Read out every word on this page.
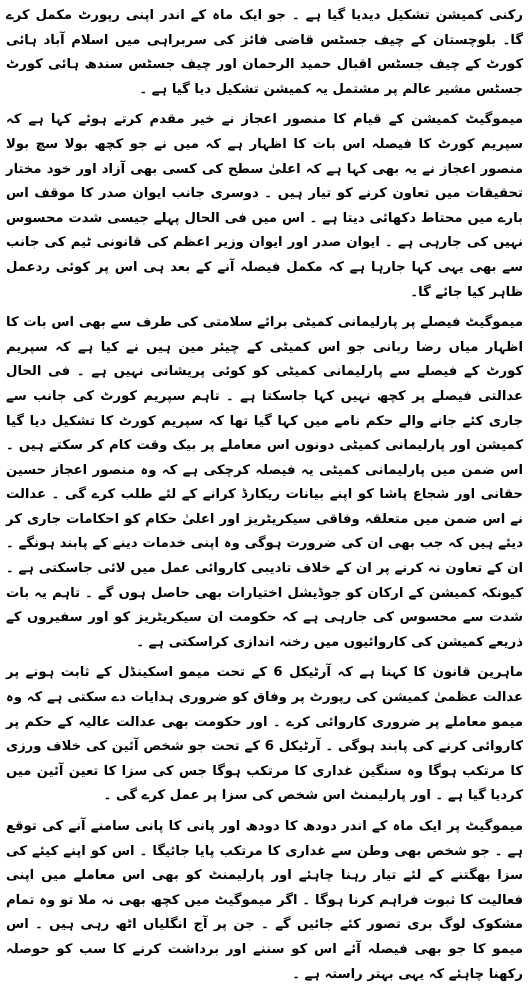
رکنی کمیشن تشکیل دیدیا گیا ہے ۔ جو ایک ماہ کے اندر اپنی رپورٹ مکمل کرے گا۔ بلوچستان کے چیف جسٹس قاضی فائز کی سربراہی میں اسلام آباد ہائی کورٹ کے چیف جسٹس اقبال حمید الرحمان اور چیف جسٹس سندھ ہائی کورٹ جسٹس مشیر عالم پر مشتمل یہ کمیشن تشکیل دیا گیا ہے ۔

میموگیٹ کمیشن کے قیام کا منصور اعجاز نے خیر مقدم کرتے ہوئے کہا ہے کہ سپریم کورٹ کا فیصلہ اس بات کا اظہار ہے کہ میں نے جو کچھ بولا سچ بولا منصور اعجاز نے یہ بھی کہا ہے کہ اعلیٰ سطح کی کسی بھی آزاد اور خود مختار تحقیقات میں تعاون کرنے کو تیار ہیں ۔ دوسری جانب ایوان صدر کا موقف اس بارے میں محتاط دکھائی دیتا ہے ۔ اس میں فی الحال پہلے جیسی شدت محسوس نہیں کی جارہی ہے ۔ ایوان صدر اور ایوان وزیر اعظم کی قانونی ٹیم کی جانب سے بھی یہی کہا جارہا ہے کہ مکمل فیصلہ آنے کے بعد ہی اس پر کوئی ردعمل ظاہر کیا جائے گا۔

میموگیٹ فیصلے پر پارلیمانی کمیٹی برائے سلامتی کی طرف سے بھی اس بات کا اظہار میاں رضا ربانی جو اس کمیٹی کے چیئر مین ہیں نے کیا ہے کہ سپریم کورٹ کے فیصلے سے پارلیمانی کمیٹی کو کوئی پریشانی نہیں ہے ۔ فی الحال عدالتی فیصلے پر کچھ نہیں کہا جاسکتا ہے ۔ تاہم سپریم کورٹ کی جانب سے جاری کئے جانے والے حکم نامے میں کہا گیا تھا کہ سپریم کورٹ کا تشکیل دیا گیا کمیشن اور پارلیمانی کمیٹی دونوں اس معاملے پر بیک وقت کام کر سکتے ہیں ۔ اس ضمن میں پارلیمانی کمیٹی یہ فیصلہ کرچکی ہے کہ وہ منصور اعجاز حسین حقانی اور شجاع پاشا کو اپنے بیانات ریکارڈ کرانے کے لئے طلب کرے گی ۔ عدالت نے اس ضمن میں متعلقہ وفاقی سیکریٹریز اور اعلیٰ حکام کو احکامات جاری کر دیئے ہیں کہ جب بھی ان کی ضرورت ہوگی وہ اپنی خدمات دینے کے پابند ہونگے ۔ ان کے تعاون نہ کرنے پر ان کے خلاف تادیبی کاروائی عمل میں لائی جاسکتی ہے ۔ کیونکہ کمیشن کے ارکان کو جوڈیشل اختیارات بھی حاصل ہوں گے ۔ تاہم یہ بات شدت سے محسوس کی جارہی ہے کہ حکومت ان سیکریٹریز کو اور سفیروں کے ذریعے کمیشن کی کاروائیوں میں رخنہ اندازی کراسکتی ہے ۔

ماہرین قانون کا کہنا ہے کہ آرٹیکل 6 کے تحت میمو اسکینڈل کے ثابت ہونے پر عدالت عظمیٰ کمیشن کی رپورٹ پر وفاق کو ضروری ہدایات دے سکتی ہے کہ وہ میمو معاملے پر ضروری کاروائی کرے ۔ اور حکومت بھی عدالت عالیہ کے حکم پر کاروائی کرنے کی پابند ہوگی ۔ آرٹیکل 6 کے تحت جو شخص آئین کی خلاف ورزی کا مرتکب ہوگا وہ سنگین غداری کا مرتکب ہوگا جس کی سزا کا تعین آئین میں کردیا گیا ہے ۔ اور پارلیمنٹ اس شخص کی سزا پر عمل کرے گی ۔

میموگیٹ پر ایک ماہ کے اندر دودھ کا دودھ اور پانی کا پانی سامنے آنے کی توقع ہے ۔ جو شخص بھی وطن سے غداری کا مرتکب پایا جائیگا ۔ اس کو اپنے کیئے کی سزا بھگتنے کے لئے تیار رہنا چاہئے اور پارلیمنٹ کو بھی اس معاملے میں اپنی فعالیت کا ثبوت فراہم کرنا ہوگا ۔ اگر میموگیٹ میں کچھ بھی نہ ملا تو وہ تمام مشکوک لوگ بری تصور کئے جائیں گے ۔ جن پر آج انگلیاں اٹھ رہی ہیں ۔ اس میمو کا جو بھی فیصلہ آئے اس کو سننے اور برداشت کرنے کا سب کو حوصلہ رکھنا چاہئے کہ یہی بہتر راستہ ہے ۔
